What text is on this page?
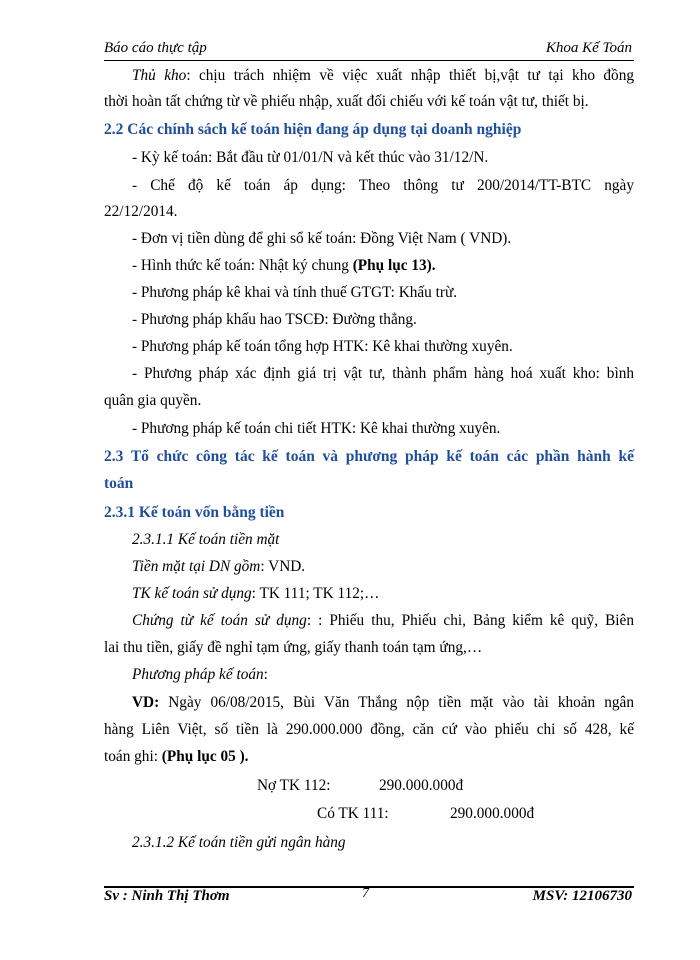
Báo cáo thực tập	Khoa Kế Toán
Thủ kho: chịu trách nhiệm về việc xuất nhập thiết bị,vật tư tại kho đồng
thời hoàn tất chứng từ về phiếu nhập, xuất đối chiếu với kế toán vật tư, thiết bị.
2.2 Các chính sách kế toán hiện đang áp dụng tại doanh nghiệp
- Kỳ kế toán: Bắt đầu từ 01/01/N và kết thúc vào 31/12/N.
- Chế độ kế toán áp dụng: Theo thông tư 200/2014/TT-BTC ngày
22/12/2014.
- Đơn vị tiền dùng để ghi sổ kế toán: Đồng Việt Nam ( VND).
- Hình thức kế toán: Nhật ký chung (Phụ lục 13).
- Phương pháp kê khai và tính thuế GTGT: Khấu trừ.
- Phương pháp khấu hao TSCĐ: Đường thẳng.
- Phương pháp kế toán tổng hợp HTK: Kê khai thường xuyên.
- Phương pháp xác định giá trị vật tư, thành phẩm hàng hoá xuất kho: bình
quân gia quyền.
- Phương pháp kế toán chi tiết HTK: Kê khai thường xuyên.
2.3 Tổ chức công tác kế toán và phương pháp kế toán các phần hành kế
toán
2.3.1 Kế toán vốn bằng tiền
2.3.1.1 Kế toán tiền mặt
Tiền mặt tại DN gồm: VND.
TK kế toán sử dụng: TK 111; TK 112;…
Chứng từ kế toán sử dụng: : Phiếu thu, Phiếu chi, Bảng kiểm kê quỹ, Biên
lai thu tiền, giấy đề nghỉ tạm ứng, giấy thanh toán tạm ứng,…
Phương pháp kế toán:
VD: Ngày 06/08/2015, Bùi Văn Thắng nộp tiền mặt vào tài khoản ngân
hàng Liên Việt, số tiền là 290.000.000 đồng, căn cứ vào phiếu chi số 428, kế
toán ghi: (Phụ lục 05 ).
Nợ TK 112:	290.000.000đ
Có TK 111:	290.000.000đ
2.3.1.2 Kế toán tiền gửi ngân hàng
Sv : Ninh Thị Thơm	7	MSV: 12106730
